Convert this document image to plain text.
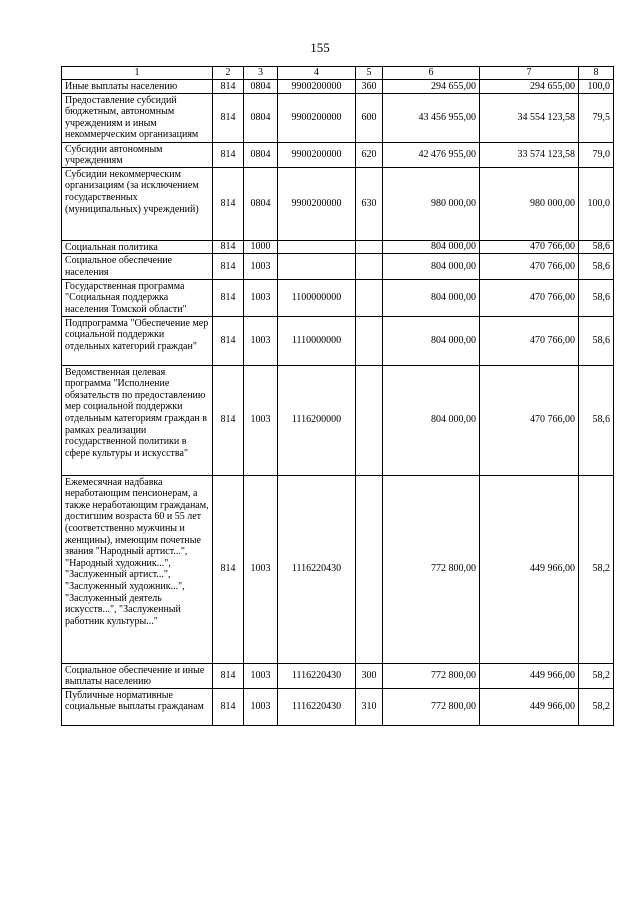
155
1	2	3	4	5	6	7	8
Иные выплаты населению	814	0804	9900200000	360	294 655,00	294 655,00	100,0
Предоставление субсидий бюджетным, автономным учреждениям и иным некоммерческим организациям	814	0804	9900200000	600	43 456 955,00	34 554 123,58	79,5
Субсидии автономным учреждениям	814	0804	9900200000	620	42 476 955,00	33 574 123,58	79,0
Субсидии некоммерческим организациям (за исключением государственных (муниципальных) учреждений)	814	0804	9900200000	630	980 000,00	980 000,00	100,0
Социальная политика	814	1000			804 000,00	470 766,00	58,6
Социальное обеспечение населения	814	1003			804 000,00	470 766,00	58,6
Государственная программа "Социальная поддержка населения Томской области"	814	1003	1100000000		804 000,00	470 766,00	58,6
Подпрограмма "Обеспечение мер социальной поддержки отдельных категорий граждан"	814	1003	1110000000		804 000,00	470 766,00	58,6
Ведомственная целевая программа "Исполнение обязательств по предоставлению мер социальной поддержки отдельным категориям граждан в рамках реализации государственной политики в сфере культуры и искусства"	814	1003	1116200000		804 000,00	470 766,00	58,6
Ежемесячная надбавка неработающим пенсионерам, а также неработающим гражданам, достигшим возраста 60 и 55 лет (соответственно мужчины и женщины), имеющим почетные звания "Народный артист...", "Народный художник...", "Заслуженный артист...", "Заслуженный художник...", "Заслуженный деятель искусств...", "Заслуженный работник культуры..."	814	1003	1116220430		772 800,00	449 966,00	58,2
Социальное обеспечение и иные выплаты населению	814	1003	1116220430	300	772 800,00	449 966,00	58,2
Публичные нормативные социальные выплаты гражданам	814	1003	1116220430	310	772 800,00	449 966,00	58,2
